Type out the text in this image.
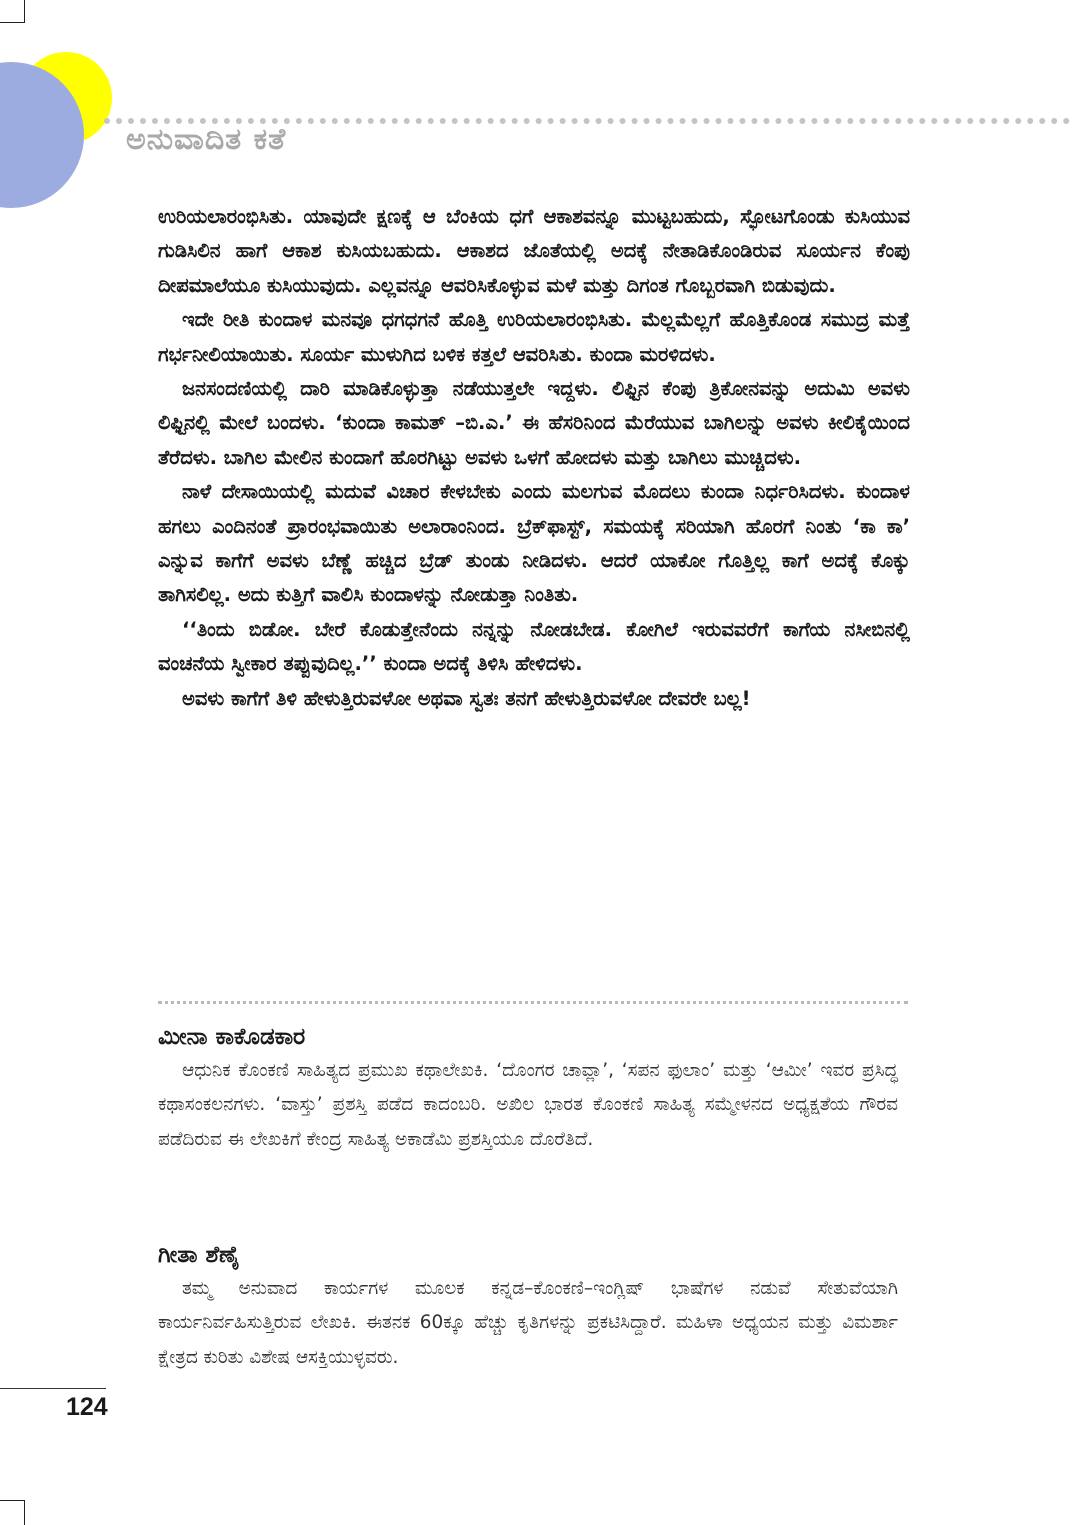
ಅನುವಾದಿತ ಕತೆ

ಉರಿಯಲಾರಂಭಿಸಿತು. ಯಾವುದೇ ಕ್ಷಣಕ್ಕೆ ಆ ಬೆಂಕಿಯ ಧಗೆ ಆಕಾಶವನ್ನೂ ಮುಟ್ಟಬಹುದು, ಸ್ಫೋಟಗೊಂಡು ಕುಸಿಯುವ ಗುಡಿಸಿಲಿನ ಹಾಗೆ ಆಕಾಶ ಕುಸಿಯಬಹುದು. ಆಕಾಶದ ಜೊತೆಯಲ್ಲಿ ಅದಕ್ಕೆ ನೇತಾಡಿಕೊಂಡಿರುವ ಸೂರ್ಯನ ಕೆಂಪು ದೀಪಮಾಲೆಯೂ ಕುಸಿಯುವುದು. ಎಲ್ಲವನ್ನೂ ಆವರಿಸಿಕೊಳ್ಳುವ ಮಳೆ ಮತ್ತು ದಿಗಂತ ಗೊಬ್ಬರವಾಗಿ ಬಿಡುವುದು.

ಇದೇ ರೀತಿ ಕುಂದಾಳ ಮನವೂ ಧಗಧಗನೆ ಹೊತ್ತಿ ಉರಿಯಲಾರಂಭಿಸಿತು. ಮೆಲ್ಲಮೆಲ್ಲಗೆ ಹೊತ್ತಿಕೊಂಡ ಸಮುದ್ರ ಮತ್ತೆ ಗರ್ಭನೀಲಿಯಾಯಿತು. ಸೂರ್ಯ ಮುಳುಗಿದ ಬಳಿಕ ಕತ್ತಲೆ ಆವರಿಸಿತು. ಕುಂದಾ ಮರಳಿದಳು.

ಜನಸಂದಣಿಯಲ್ಲಿ ದಾರಿ ಮಾಡಿಕೊಳ್ಳುತ್ತಾ ನಡೆಯುತ್ತಲೇ ಇದ್ದಳು. ಲಿಫ್ಟಿನ ಕೆಂಪು ತ್ರಿಕೋನವನ್ನು ಅದುಮಿ ಅವಳು ಲಿಫ್ಟಿನಲ್ಲಿ ಮೇಲೆ ಬಂದಳು. ‘ಕುಂದಾ ಕಾಮತ್ –ಬಿ.ಎ.’ ಈ ಹೆಸರಿನಿಂದ ಮೆರೆಯುವ ಬಾಗಿಲನ್ನು ಅವಳು ಕೀಲಿಕೈಯಿಂದ ತೆರೆದಳು. ಬಾಗಿಲ ಮೇಲಿನ ಕುಂದಾಗೆ ಹೊರಗಿಟ್ಟು ಅವಳು ಒಳಗೆ ಹೋದಳು ಮತ್ತು ಬಾಗಿಲು ಮುಚ್ಚಿದಳು.

ನಾಳೆ ದೇಸಾಯಿಯಲ್ಲಿ ಮದುವೆ ವಿಚಾರ ಕೇಳಬೇಕು ಎಂದು ಮಲಗುವ ಮೊದಲು ಕುಂದಾ ನಿರ್ಧರಿಸಿದಳು. ಕುಂದಾಳ ಹಗಲು ಎಂದಿನಂತೆ ಪ್ರಾರಂಭವಾಯಿತು ಅಲಾರಾಂನಿಂದ. ಬ್ರೆಕ್‌ಫಾಸ್ಟ್, ಸಮಯಕ್ಕೆ ಸರಿಯಾಗಿ ಹೊರಗೆ ನಿಂತು ‘ಕಾ ಕಾ’ ಎನ್ನುವ ಕಾಗೆಗೆ ಅವಳು ಬೆಣ್ಣೆ ಹಚ್ಚಿದ ಬ್ರೆಡ್ ತುಂಡು ನೀಡಿದಳು. ಆದರೆ ಯಾಕೋ ಗೊತ್ತಿಲ್ಲ ಕಾಗೆ ಅದಕ್ಕೆ ಕೊಕ್ಕು ತಾಗಿಸಲಿಲ್ಲ. ಅದು ಕುತ್ತಿಗೆ ವಾಲಿಸಿ ಕುಂದಾಳನ್ನು ನೋಡುತ್ತಾ ನಿಂತಿತು.

‘‘ತಿಂದು ಬಿಡೋ. ಬೇರೆ ಕೊಡುತ್ತೇನೆಂದು ನನ್ನನ್ನು ನೋಡಬೇಡ. ಕೋಗಿಲೆ ಇರುವವರೆಗೆ ಕಾಗೆಯ ನಸೀಬಿನಲ್ಲಿ ವಂಚನೆಯ ಸ್ವೀಕಾರ ತಪ್ಪುವುದಿಲ್ಲ.’’ ಕುಂದಾ ಅದಕ್ಕೆ ತಿಳಿಸಿ ಹೇಳಿದಳು.

ಅವಳು ಕಾಗೆಗೆ ತಿಳಿ ಹೇಳುತ್ತಿರುವಳೋ ಅಥವಾ ಸ್ವತಃ ತನಗೆ ಹೇಳುತ್ತಿರುವಳೋ ದೇವರೇ ಬಲ್ಲ!

ಮೀನಾ ಕಾಕೊಡಕಾರ

ಆಧುನಿಕ ಕೊಂಕಣಿ ಸಾಹಿತ್ಯದ ಪ್ರಮುಖ ಕಥಾಲೇಖಕಿ. ‘ದೊಂಗರ ಚಾವ್ಲಾ’, ‘ಸಪನ ಫುಲಾಂ’ ಮತ್ತು ‘ಆಮೀ’ ಇವರ ಪ್ರಸಿದ್ಧ ಕಥಾಸಂಕಲನಗಳು. ‘ವಾಸ್ತು’ ಪ್ರಶಸ್ತಿ ಪಡೆದ ಕಾದಂಬರಿ. ಅಖಿಲ ಭಾರತ ಕೊಂಕಣಿ ಸಾಹಿತ್ಯ ಸಮ್ಮೇಳನದ ಅಧ್ಯಕ್ಷತೆಯ ಗೌರವ ಪಡೆದಿರುವ ಈ ಲೇಖಕಿಗೆ ಕೇಂದ್ರ ಸಾಹಿತ್ಯ ಅಕಾಡೆಮಿ ಪ್ರಶಸ್ತಿಯೂ ದೊರೆತಿದೆ.

ಗೀತಾ ಶೆಣೈ

ತಮ್ಮ ಅನುವಾದ ಕಾರ್ಯಗಳ ಮೂಲಕ ಕನ್ನಡ–ಕೊಂಕಣಿ–ಇಂಗ್ಲಿಷ್ ಭಾಷೆಗಳ ನಡುವೆ ಸೇತುವೆಯಾಗಿ ಕಾರ್ಯನಿರ್ವಹಿಸುತ್ತಿರುವ ಲೇಖಕಿ. ಈತನಕ 60ಕ್ಕೂ ಹೆಚ್ಚು ಕೃತಿಗಳನ್ನು ಪ್ರಕಟಿಸಿದ್ದಾರೆ. ಮಹಿಳಾ ಅಧ್ಯಯನ ಮತ್ತು ವಿಮರ್ಶಾ ಕ್ಷೇತ್ರದ ಕುರಿತು ವಿಶೇಷ ಆಸಕ್ತಿಯುಳ್ಳವರು.

124
